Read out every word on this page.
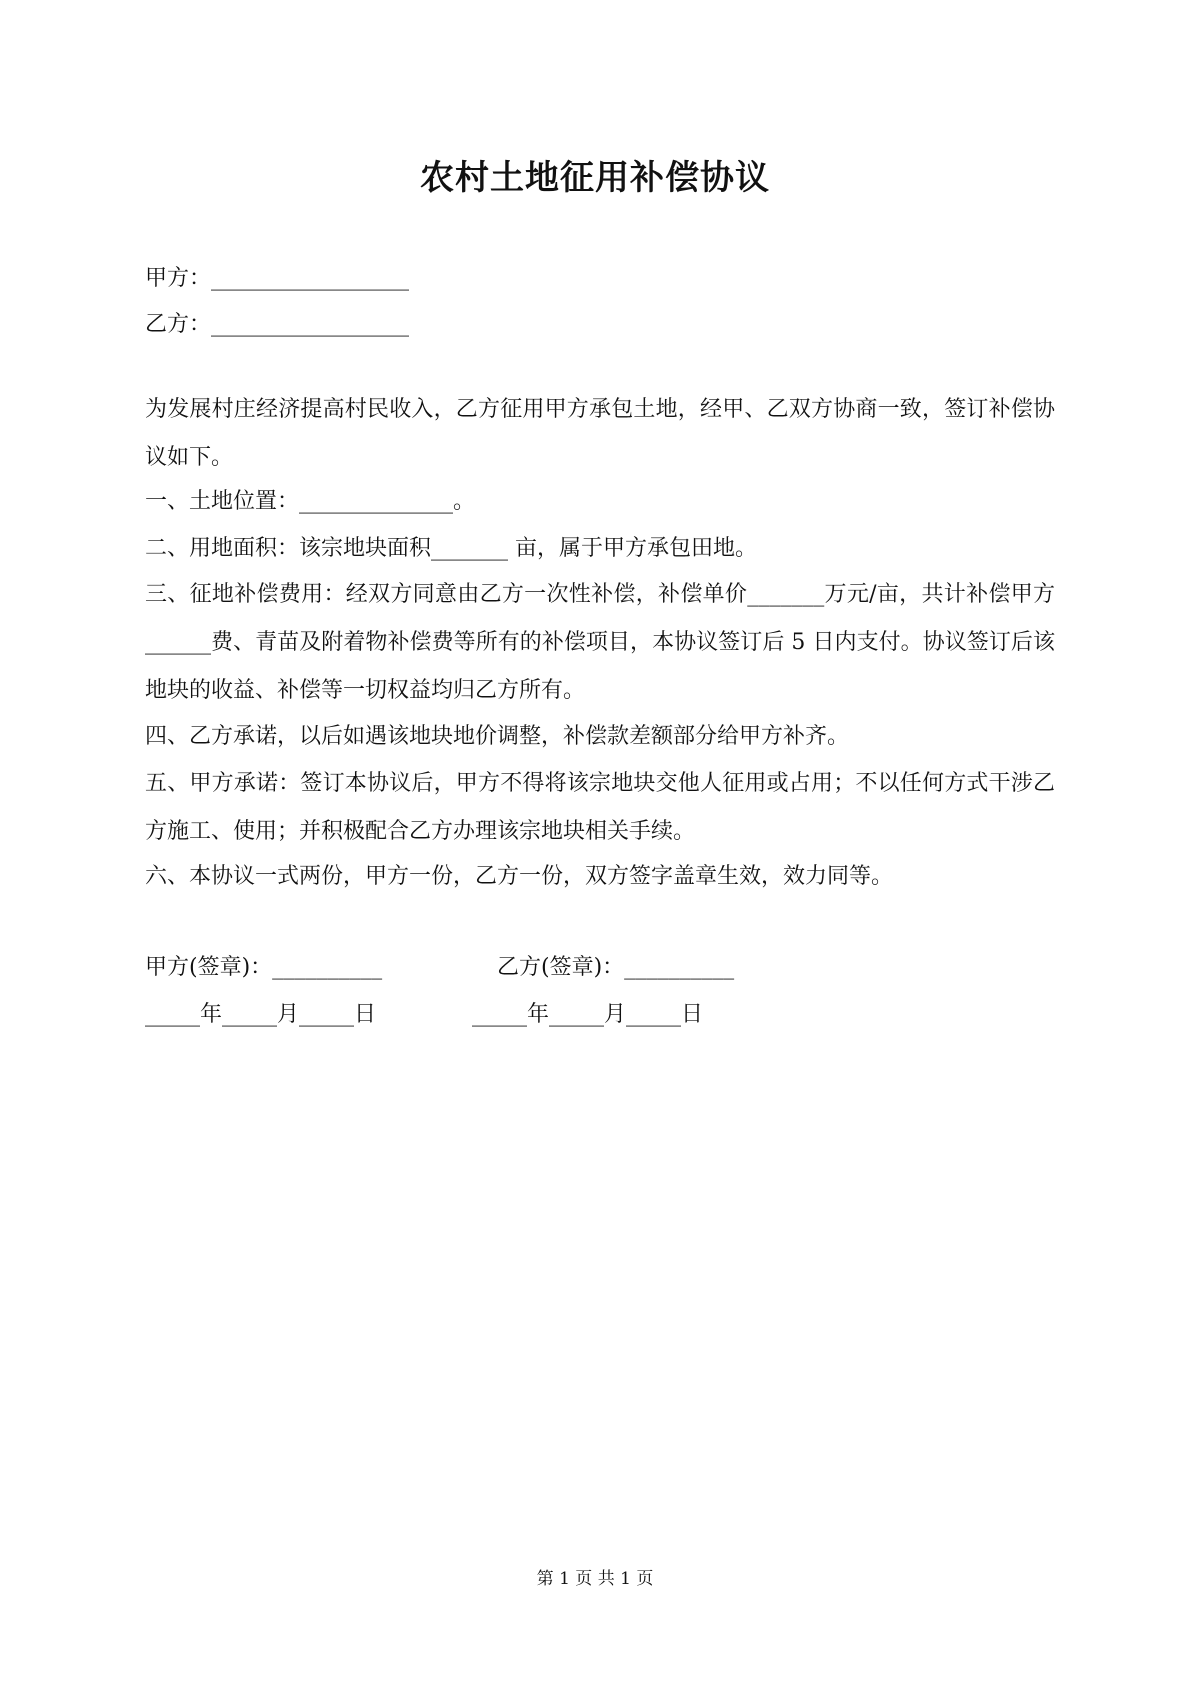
农村土地征用补偿协议
甲方：__________________
乙方：__________________
为发展村庄经济提高村民收入，乙方征用甲方承包土地，经甲、乙双方协商一致，签订补偿协议如下。
一、土地位置：______________。
二、用地面积：该宗地块面积_______ 亩，属于甲方承包田地。
三、征地补偿费用：经双方同意由乙方一次性补偿，补偿单价_______万元/亩，共计补偿甲方______费、青苗及附着物补偿费等所有的补偿项目，本协议签订后 5 日内支付。协议签订后该地块的收益、补偿等一切权益均归乙方所有。
四、乙方承诺，以后如遇该地块地价调整，补偿款差额部分给甲方补齐。
五、甲方承诺：签订本协议后，甲方不得将该宗地块交他人征用或占用；不以任何方式干涉乙方施工、使用；并积极配合乙方办理该宗地块相关手续。
六、本协议一式两份，甲方一份，乙方一份，双方签字盖章生效，效力同等。
甲方(签章)：__________	乙方(签章)：__________
_____年_____月_____日	_____年_____月_____日
第 1 页 共 1 页
